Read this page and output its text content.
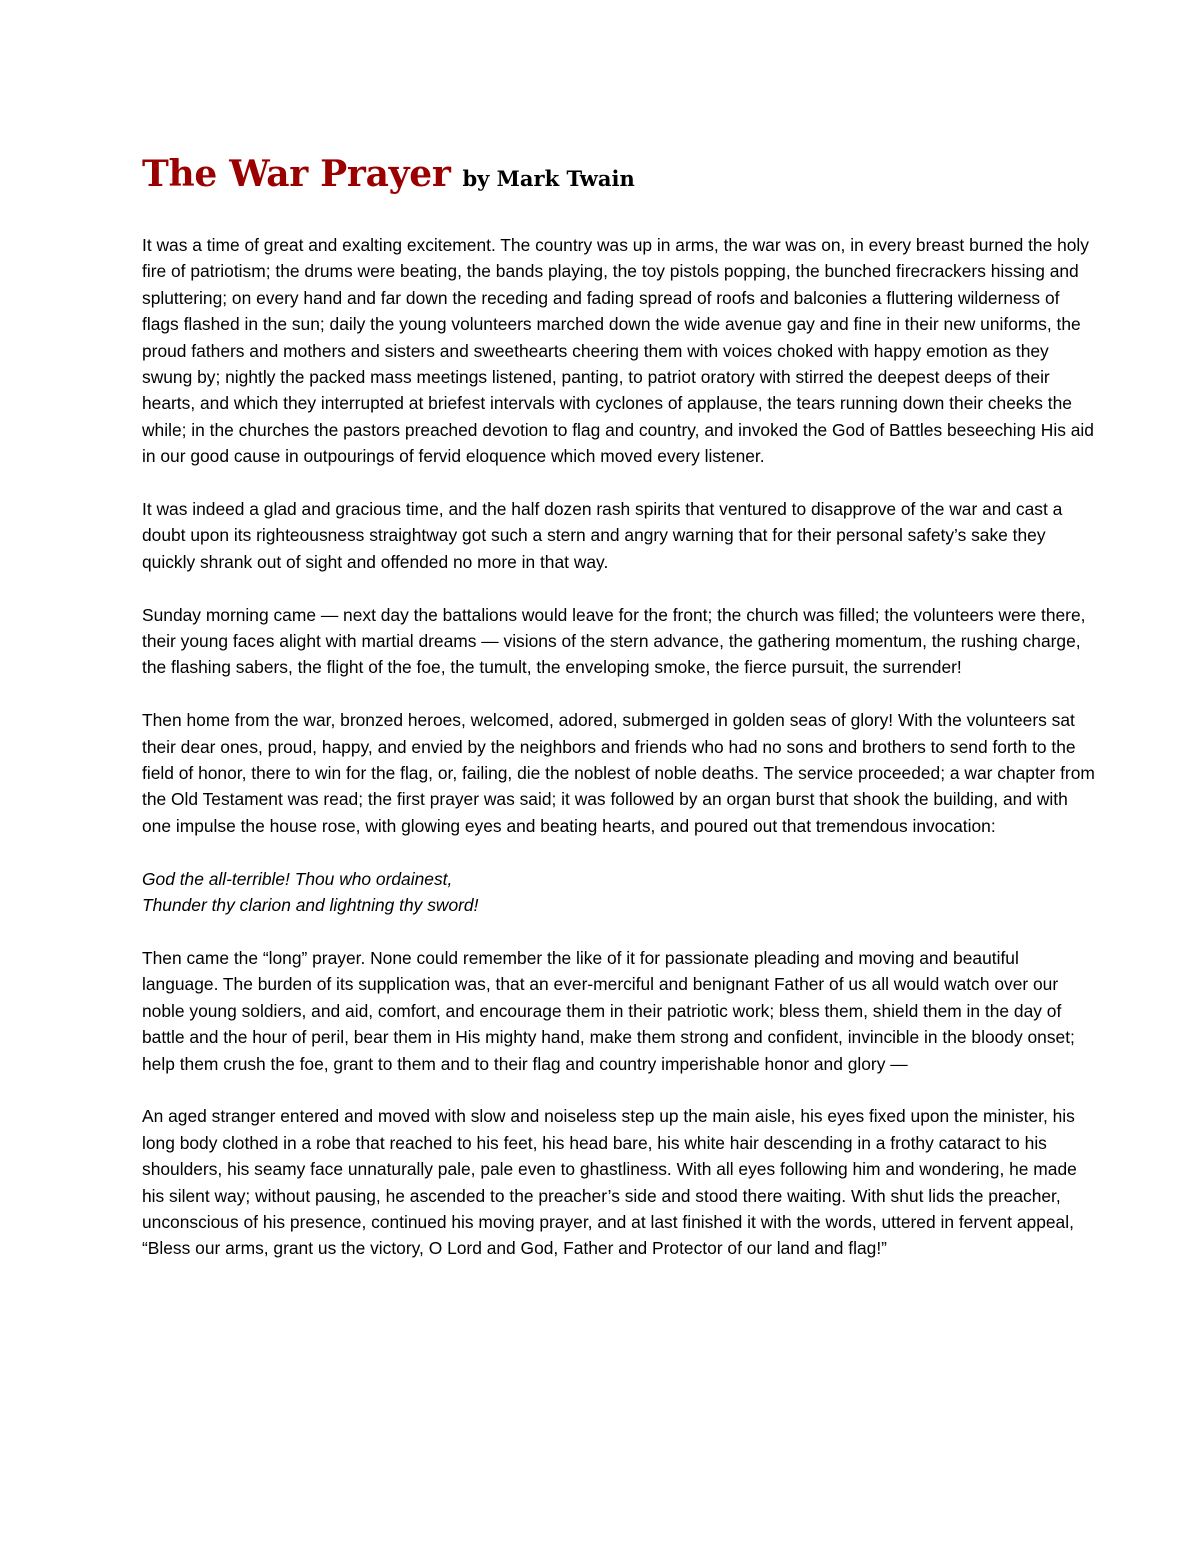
The War Prayer by Mark Twain

It was a time of great and exalting excitement. The country was up in arms, the war was on, in every breast burned the holy fire of patriotism; the drums were beating, the bands playing, the toy pistols popping, the bunched firecrackers hissing and spluttering; on every hand and far down the receding and fading spread of roofs and balconies a fluttering wilderness of flags flashed in the sun; daily the young volunteers marched down the wide avenue gay and fine in their new uniforms, the proud fathers and mothers and sisters and sweethearts cheering them with voices choked with happy emotion as they swung by; nightly the packed mass meetings listened, panting, to patriot oratory with stirred the deepest deeps of their hearts, and which they interrupted at briefest intervals with cyclones of applause, the tears running down their cheeks the while; in the churches the pastors preached devotion to flag and country, and invoked the God of Battles beseeching His aid in our good cause in outpourings of fervid eloquence which moved every listener.

It was indeed a glad and gracious time, and the half dozen rash spirits that ventured to disapprove of the war and cast a doubt upon its righteousness straightway got such a stern and angry warning that for their personal safety’s sake they quickly shrank out of sight and offended no more in that way.

Sunday morning came — next day the battalions would leave for the front; the church was filled; the volunteers were there, their young faces alight with martial dreams — visions of the stern advance, the gathering momentum, the rushing charge, the flashing sabers, the flight of the foe, the tumult, the enveloping smoke, the fierce pursuit, the surrender!

Then home from the war, bronzed heroes, welcomed, adored, submerged in golden seas of glory! With the volunteers sat their dear ones, proud, happy, and envied by the neighbors and friends who had no sons and brothers to send forth to the field of honor, there to win for the flag, or, failing, die the noblest of noble deaths. The service proceeded; a war chapter from the Old Testament was read; the first prayer was said; it was followed by an organ burst that shook the building, and with one impulse the house rose, with glowing eyes and beating hearts, and poured out that tremendous invocation:

God the all-terrible! Thou who ordainest,
Thunder thy clarion and lightning thy sword!

Then came the “long” prayer. None could remember the like of it for passionate pleading and moving and beautiful language. The burden of its supplication was, that an ever-merciful and benignant Father of us all would watch over our noble young soldiers, and aid, comfort, and encourage them in their patriotic work; bless them, shield them in the day of battle and the hour of peril, bear them in His mighty hand, make them strong and confident, invincible in the bloody onset; help them crush the foe, grant to them and to their flag and country imperishable honor and glory —

An aged stranger entered and moved with slow and noiseless step up the main aisle, his eyes fixed upon the minister, his long body clothed in a robe that reached to his feet, his head bare, his white hair descending in a frothy cataract to his shoulders, his seamy face unnaturally pale, pale even to ghastliness. With all eyes following him and wondering, he made his silent way; without pausing, he ascended to the preacher’s side and stood there waiting. With shut lids the preacher, unconscious of his presence, continued his moving prayer, and at last finished it with the words, uttered in fervent appeal, “Bless our arms, grant us the victory, O Lord and God, Father and Protector of our land and flag!”
